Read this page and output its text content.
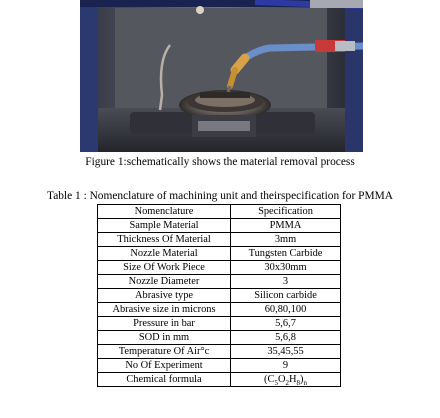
Figure 1:schematically shows the material removal process
Table 1 : Nomenclature of machining unit and theirspecification for PMMA
Nomenclature	Specification
Sample Material	PMMA
Thickness Of Material	3mm
Nozzle Material	Tungsten Carbide
Size Of Work Piece	30x30mm
Nozzle Diameter	3
Abrasive type	Silicon carbide
Abrasive size in microns	60,80,100
Pressure in bar	5,6,7
SOD in mm	5,6,8
Temperature Of Air°c	35,45,55
No Of Experiment	9
Chemical formula	$(C_5O_2H_8)_n$
